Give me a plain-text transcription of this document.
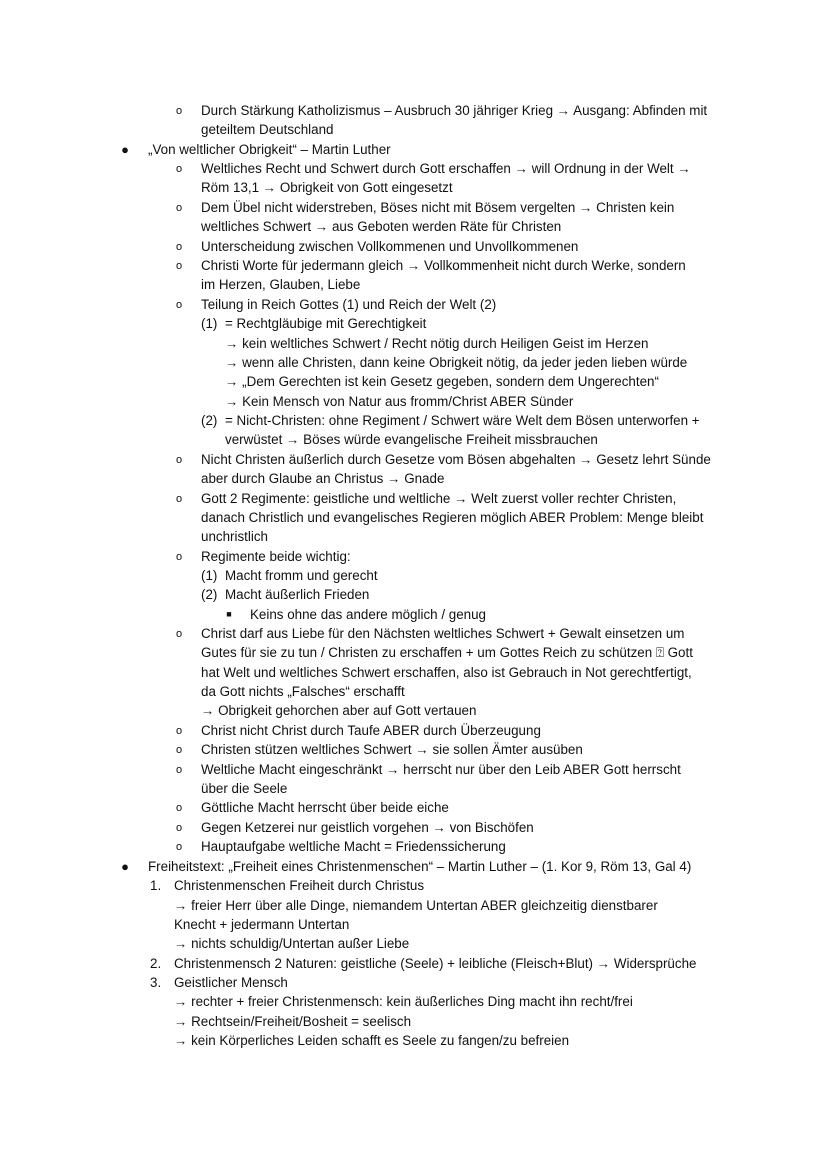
o Durch Stärkung Katholizismus – Ausbruch 30 jähriger Krieg → Ausgang: Abfinden mit
geteiltem Deutschland
● „Von weltlicher Obrigkeit“ – Martin Luther
o Weltliches Recht und Schwert durch Gott erschaffen → will Ordnung in der Welt →
Röm 13,1 → Obrigkeit von Gott eingesetzt
o Dem Übel nicht widerstreben, Böses nicht mit Bösem vergelten → Christen kein
weltliches Schwert → aus Geboten werden Räte für Christen
o Unterscheidung zwischen Vollkommenen und Unvollkommenen
o Christi Worte für jedermann gleich → Vollkommenheit nicht durch Werke, sondern
im Herzen, Glauben, Liebe
o Teilung in Reich Gottes (1) und Reich der Welt (2)
(1) = Rechtgläubige mit Gerechtigkeit
→ kein weltliches Schwert / Recht nötig durch Heiligen Geist im Herzen
→ wenn alle Christen, dann keine Obrigkeit nötig, da jeder jeden lieben würde
→ „Dem Gerechten ist kein Gesetz gegeben, sondern dem Ungerechten“
→ Kein Mensch von Natur aus fromm/Christ ABER Sünder
(2) = Nicht-Christen: ohne Regiment / Schwert wäre Welt dem Bösen unterworfen +
verwüstet → Böses würde evangelische Freiheit missbrauchen
o Nicht Christen äußerlich durch Gesetze vom Bösen abgehalten → Gesetz lehrt Sünde
aber durch Glaube an Christus → Gnade
o Gott 2 Regimente: geistliche und weltliche → Welt zuerst voller rechter Christen,
danach Christlich und evangelisches Regieren möglich ABER Problem: Menge bleibt
unchristlich
o Regimente beide wichtig:
(1) Macht fromm und gerecht
(2) Macht äußerlich Frieden
■	Keins ohne das andere möglich / genug
o Christ darf aus Liebe für den Nächsten weltliches Schwert + Gewalt einsetzen um
Gutes für sie zu tun / Christen zu erschaffen + um Gottes Reich zu schützen ⍰ Gott
hat Welt und weltliches Schwert erschaffen, also ist Gebrauch in Not gerechtfertigt,
da Gott nichts „Falsches“ erschafft
→ Obrigkeit gehorchen aber auf Gott vertauen
o Christ nicht Christ durch Taufe ABER durch Überzeugung
o Christen stützen weltliches Schwert → sie sollen Ämter ausüben
o Weltliche Macht eingeschränkt → herrscht nur über den Leib ABER Gott herrscht
über die Seele
o Göttliche Macht herrscht über beide eiche
o Gegen Ketzerei nur geistlich vorgehen → von Bischöfen
o Hauptaufgabe weltliche Macht = Friedenssicherung
● Freiheitstext: „Freiheit eines Christenmenschen“ – Martin Luther – (1. Kor 9, Röm 13, Gal 4)
1. Christenmenschen Freiheit durch Christus
→ freier Herr über alle Dinge, niemandem Untertan ABER gleichzeitig dienstbarer
Knecht + jedermann Untertan
→ nichts schuldig/Untertan außer Liebe
2. Christenmensch 2 Naturen: geistliche (Seele) + leibliche (Fleisch+Blut) → Widersprüche
3. Geistlicher Mensch
→ rechter + freier Christenmensch: kein äußerliches Ding macht ihn recht/frei
→ Rechtsein/Freiheit/Bosheit = seelisch
→ kein Körperliches Leiden schafft es Seele zu fangen/zu befreien
